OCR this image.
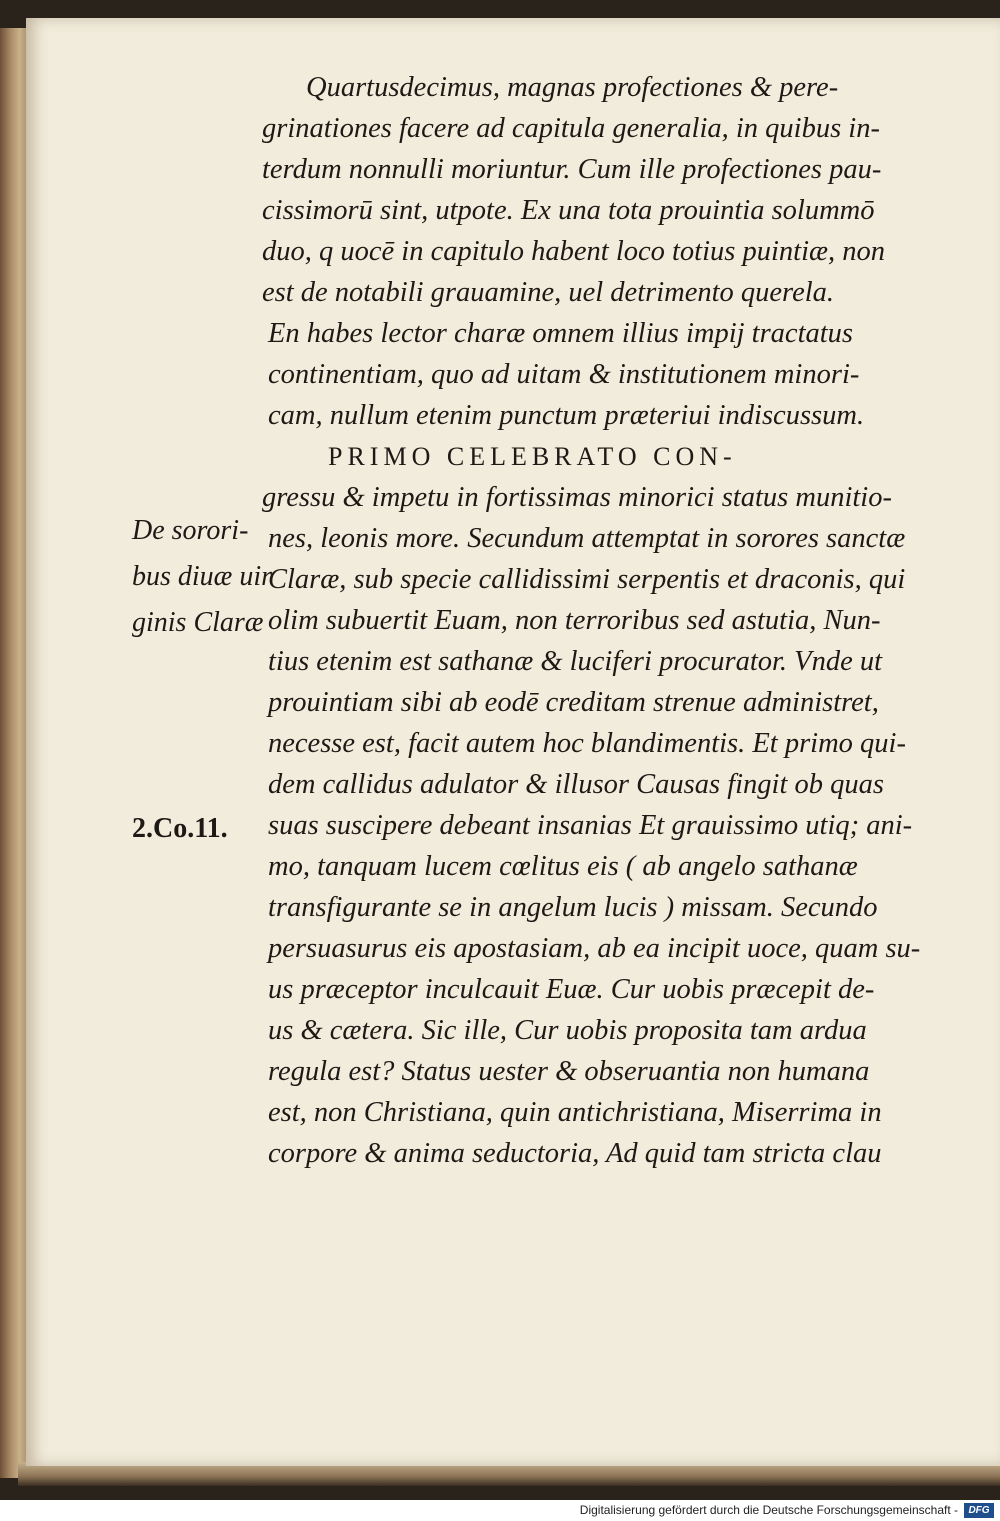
Quartusdecimus, magnas profectiones & pere-
grinationes facere ad capitula generalia, in quibus in-
terdum nonnulli moriuntur. Cum ille profectiones pau-
cissimorū sint, utpote. Ex una tota prouintia solummō
duo, q uocē in capitulo habent loco totius puintiæ, non
est de notabili grauamine, uel detrimento querela.
En habes lector charæ omnem illius impij tractatus
continentiam, quo ad uitam & institutionem minori-
cam, nullum etenim punctum præteriui indiscussum.
PRIMO CELEBRATO CON-
gressu & impetu in fortissimas minorici status munitio-
nes, leonis more. Secundum attemptat in sorores sanctæ
Claræ, sub specie callidissimi serpentis et draconis, qui
olim subuertit Euam, non terroribus sed astutia, Nun-
tius etenim est sathanæ & luciferi procurator. Vnde ut
prouintiam sibi ab eodē creditam strenue administret,
necesse est, facit autem hoc blandimentis. Et primo qui-
dem callidus adulator & illusor Causas fingit ob quas
suas suscipere debeant insanias Et grauissimo utiq; ani-
mo, tanquam lucem cœlitus eis ( ab angelo sathanæ
transfigurante se in angelum lucis ) missam. Secundo
persuasurus eis apostasiam, ab ea incipit uoce, quam su-
us præceptor inculcauit Euæ. Cur uobis præcepit de-
us & cætera. Sic ille, Cur uobis proposita tam ardua
regula est? Status uester & obseruantia non humana
est, non Christiana, quin antichristiana, Miserrima in
corpore & anima seductoria, Ad quid tam stricta clau
De sorori-
bus diuæ uir
ginis Claræ
2.Co.11.
Digitalisierung gefördert durch die Deutsche Forschungsgemeinschaft -	DFG
